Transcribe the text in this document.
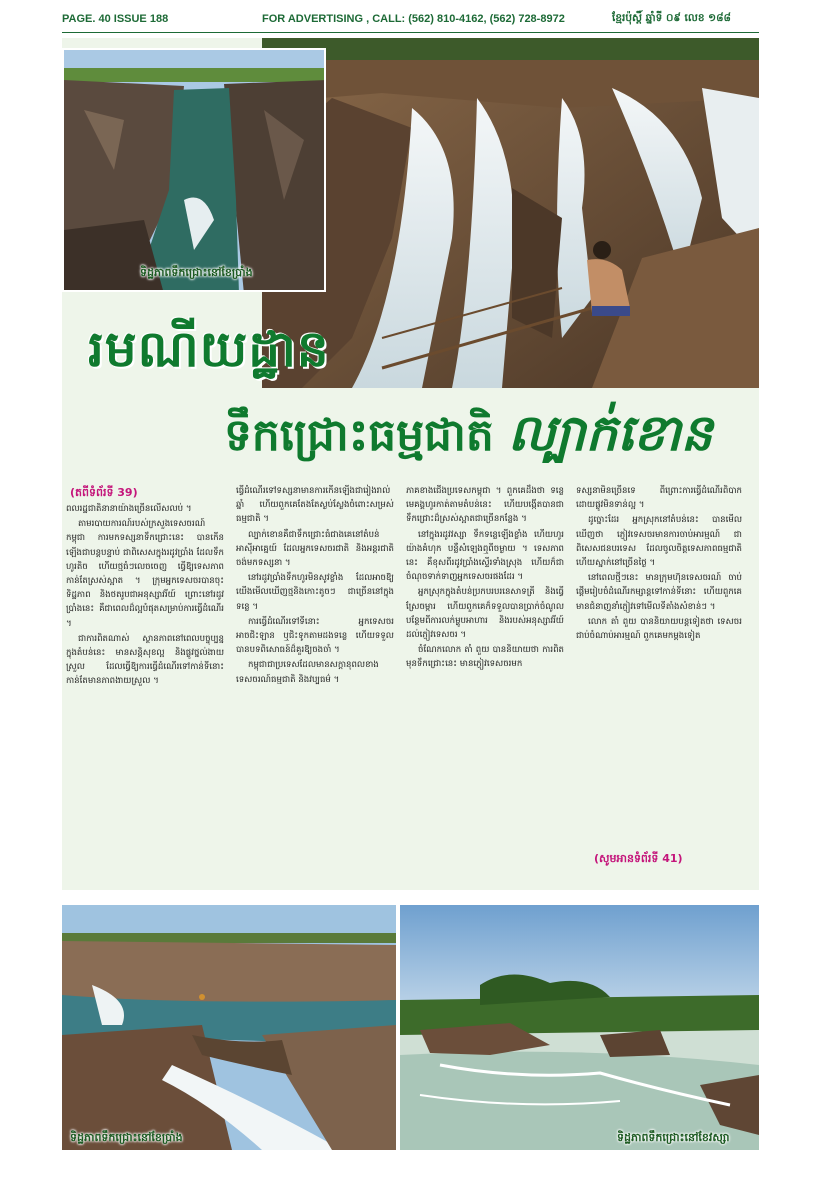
PAGE. 40 ISSUE 188	FOR ADVERTISING , CALL: (562) 810-4162, (562) 728-8972	ខ្មែរប៉ុស្ដិ៍ ឆ្នាំទី ០៩ លេខ ១៨៨
ទិដ្ឋភាពទឹកជ្រោះនៅខែប្រាំង
រមណីយដ្ឋាន
ទឹកជ្រោះធម្មជាតិ ល្បាក់ខោន
(តពីទំព័រទី 39)

ពលរដ្ឋជាតិនានាយ៉ាងច្រើនលើសលប់ ។

តាមរបាយការណ៍របស់ក្រសួងទេសចរណ៍កម្ពុជា ការមកទស្សនាទឹកជ្រោះនេះ បានកើនឡើងជាបន្តបន្ទាប់ ជាពិសេសក្នុងរដូវប្រាំង ដែលទឹកហូរតិច ហើយថ្មធំៗលេចចេញ ធ្វើឱ្យទេសភាពកាន់តែស្រស់ស្អាត ។ ក្រុមអ្នកទេសចរបានចុះទិដ្ឋភាព និងថតរូបជាអនុស្សាវរីយ៍ ព្រោះនៅរដូវប្រាំងនេះ គឺជាពេលដ៏ល្អបំផុតសម្រាប់ការធ្វើដំណើរ ។

ជាការពិតណាស់ ស្ថានភាពនៅពេលបច្ចុប្បន្ន ក្នុងតំបន់នេះ មានសន្តិសុខល្អ និងផ្លូវថ្នល់ងាយស្រួល ដែលធ្វើឱ្យការធ្វើដំណើរទៅកាន់ទីនោះ កាន់តែមានភាពងាយស្រួល ។

ធ្វើដំណើរទៅទស្សនាមានការកើនឡើងជារៀងរាល់ឆ្នាំ ហើយពួកគេតែងតែស្ងប់ស្ងែងចំពោះសម្រស់ធម្មជាតិ ។

ល្បាក់ខោនគឺជាទឹកជ្រោះធំជាងគេនៅតំបន់អាស៊ីអាគ្នេយ៍ ដែលអ្នកទេសចរជាតិ និងអន្តរជាតិ ចង់មកទស្សនា ។

នៅរដូវប្រាំងទឹកហូរមិនសូវខ្លាំង ដែលអាចឱ្យយើងមើលឃើញថ្មនិងកោះតូចៗ ជាច្រើននៅក្នុងទន្លេ ។

ការធ្វើដំណើរទៅទីនោះ អ្នកទេសចរអាចជិះឡាន ឬជិះទូកតាមដងទន្លេ ហើយទទួលបានបទពិសោធន៍ដ៏គួរឱ្យចងចាំ ។

កម្ពុជាជាប្រទេសដែលមានសក្ដានុពលខាងទេសចរណ៍ធម្មជាតិ និងវប្បធម៌ ។

ភាគខាងជើងប្រទេសកម្ពុជា ។ ពួកគេដឹងថា ទន្លេមេគង្គហូរកាត់តាមតំបន់នេះ ហើយបង្កើតបានជាទឹកជ្រោះដ៏ស្រស់ស្អាតជាច្រើនកន្លែង ។

នៅក្នុងរដូវវស្សា ទឹកទន្លេឡើងខ្លាំង ហើយហូរយ៉ាងគំហុក បន្លឺសំឡេងឮពីចម្ងាយ ។ ទេសភាពនេះ គឺខុសពីរដូវប្រាំងស្ទើរទាំងស្រុង ហើយក៏ជាចំណុចទាក់ទាញអ្នកទេសចរផងដែរ ។

អ្នកស្រុកក្នុងតំបន់ប្រកបរបរនេសាទត្រី និងធ្វើស្រែចម្ការ ហើយពួកគេក៏ទទួលបានប្រាក់ចំណូលបន្ថែមពីការលក់ម្ហូបអាហារ និងរបស់អនុស្សាវរីយ៍ដល់ភ្ញៀវទេសចរ ។

ចំណែកលោក តាំ ពួយ បាននិយាយថា ការពិតមុនទឹកជ្រោះនេះ មានភ្ញៀវទេសចរមក

ទស្សនាមិនច្រើនទេ ពីព្រោះការធ្វើដំណើរពិបាក ដោយផ្លូវមិនទាន់ល្អ ។

ដូច្នោះដែរ អ្នកស្រុកនៅតំបន់នេះ បានមើលឃើញថា ភ្ញៀវទេសចរមានការចាប់អារម្មណ៍ ជាពិសេសជនបរទេស ដែលចូលចិត្តទេសភាពធម្មជាតិ ហើយស្នាក់នៅច្រើនថ្ងៃ ។

នៅពេលថ្មីៗនេះ មានក្រុមហ៊ុនទេសចរណ៍ ចាប់ផ្ដើមរៀបចំដំណើរកម្សាន្តទៅកាន់ទីនោះ ហើយពួកគេមានជំនាញនាំភ្ញៀវទៅមើលទីតាំងសំខាន់ៗ ។

លោក តាំ ពួយ បាននិយាយបន្តទៀតថា ទេសចរជាប់ចំណាប់អារម្មណ៍ ពួកគេមកម្ដងទៀត

(សូមអានទំព័រទី 41)
ទិដ្ឋភាពទឹកជ្រោះនៅខែប្រាំង	ទិដ្ឋភាពទឹកជ្រោះនៅខែវស្សា
